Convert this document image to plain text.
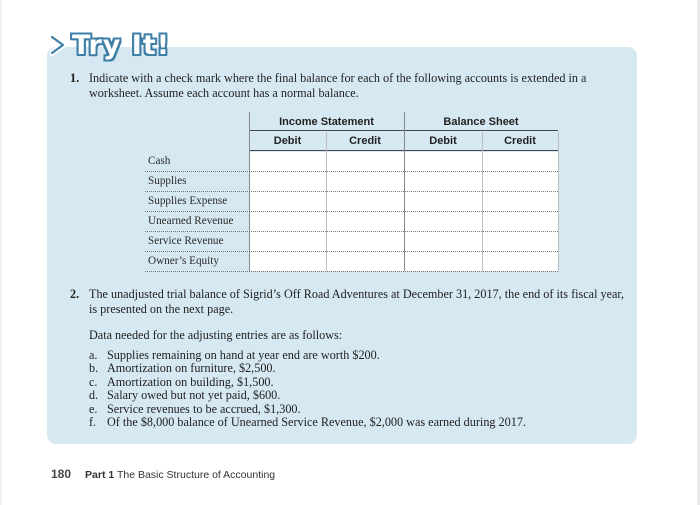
Try It!
1. Indicate with a check mark where the final balance for each of the following accounts is extended in a worksheet. Assume each account has a normal balance.
Income Statement	Balance Sheet
Debit	Credit	Debit	Credit
Cash
Supplies
Supplies Expense
Unearned Revenue
Service Revenue
Owner’s Equity
2. The unadjusted trial balance of Sigrid’s Off Road Adventures at December 31, 2017, the end of its fiscal year, is presented on the next page.
Data needed for the adjusting entries are as follows:
a. Supplies remaining on hand at year end are worth $200.
b. Amortization on furniture, $2,500.
c. Amortization on building, $1,500.
d. Salary owed but not yet paid, $600.
e. Service revenues to be accrued, $1,300.
f. Of the $8,000 balance of Unearned Service Revenue, $2,000 was earned during 2017.
180 Part 1 The Basic Structure of Accounting
